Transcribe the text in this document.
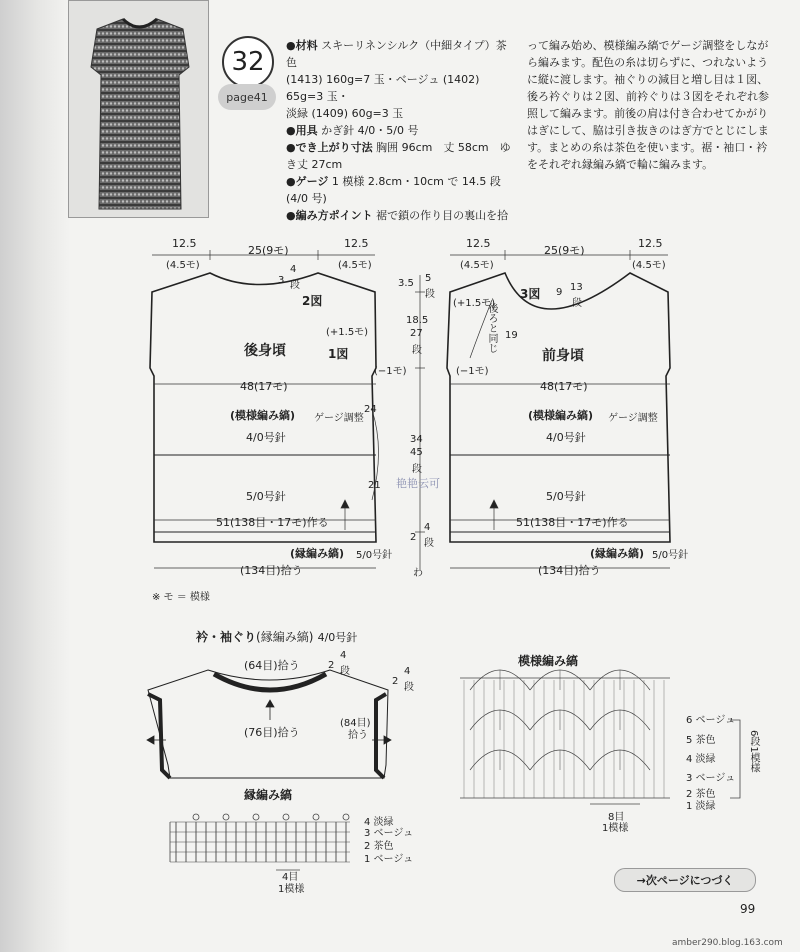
32
page41
●材料 スキーリネンシルク（中細タイプ）茶色
(1413) 160g=7 玉・ベージュ (1402) 65g=3 玉・
淡緑 (1409) 60g=3 玉
●用具 かぎ針 4/0・5/0 号
●でき上がり寸法 胸囲 96cm　丈 58cm　ゆき丈 27cm
●ゲージ 1 模様 2.8cm・10cm で 14.5 段 (4/0 号)
●編み方ポイント 裾で鎖の作り目の裏山を拾
って編み始め、模様編み縞でゲージ調整をしながら編みます。配色の糸は切らずに、つれないように縦に渡します。袖ぐりの減目と増し目は１図、後ろ衿ぐりは２図、前衿ぐりは３図をそれぞれ参照して編みます。前後の肩は付き合わせてかがりはぎにして、脇は引き抜きのはぎ方でとじにします。まとめの糸は茶色を使います。裾・袖口・衿をそれぞれ縁編み縞で輪に編みます。
12.5
(4.5モ)
25(9モ)
12.5
(4.5モ)
3
4
段
2図
(+1.5モ)
後身頃	1図
(−1モ)
48(17モ)
(模様編み縞) ゲージ調整
4/0号針
24
21
5/0号針
51(138目・17モ)作る
(縁編み縞) 5/0号針
(134目)拾う
3.5 5
段
18.5
27
段
34
45
段
2
4
段
わ
艳艳云可
12.5
(4.5モ)
25(9モ)
12.5
(4.5モ)
(+1.5モ)
3図 9 13
段
後ろと同じ 19
前身頃
(−1モ)
48(17モ)
(模様編み縞) ゲージ調整
4/0号針
5/0号針
51(138目・17モ)作る
(縁編み縞) 5/0号針
(134目)拾う
※ モ ＝ 模様
衿・袖ぐり(縁編み縞) 4/0号針
(64目)拾う	2
4
段
2
4
段
(76目)拾う
(84目)
拾う
縁編み縞
4 淡緑
3 ベージュ
2 茶色
1 ベージュ
4目
1模様
模様編み縞
6 ベージュ
5 茶色
4 淡緑
3 ベージュ
2 茶色
1 淡緑
6段1模様
8目
1模様
→次ページにつづく
99
amber290.blog.163.com
